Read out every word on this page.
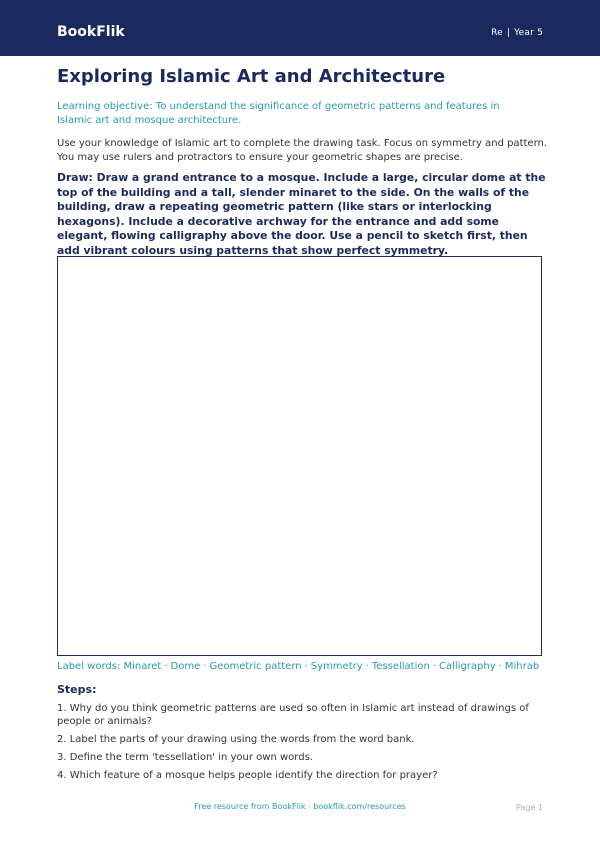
BookFlik	Re | Year 5
Exploring Islamic Art and Architecture

Learning objective: To understand the significance of geometric patterns and features in Islamic art and mosque architecture.

Use your knowledge of Islamic art to complete the drawing task. Focus on symmetry and pattern. You may use rulers and protractors to ensure your geometric shapes are precise.

Draw: Draw a grand entrance to a mosque. Include a large, circular dome at the top of the building and a tall, slender minaret to the side. On the walls of the building, draw a repeating geometric pattern (like stars or interlocking hexagons). Include a decorative archway for the entrance and add some elegant, flowing calligraphy above the door. Use a pencil to sketch first, then add vibrant colours using patterns that show perfect symmetry.

Label words: Minaret · Dome · Geometric pattern · Symmetry · Tessellation · Calligraphy · Mihrab

Steps:

1. Why do you think geometric patterns are used so often in Islamic art instead of drawings of people or animals?
2. Label the parts of your drawing using the words from the word bank.
3. Define the term 'tessellation' in your own words.
4. Which feature of a mosque helps people identify the direction for prayer?
Free resource from BookFlik · bookflik.com/resources	Page 1
